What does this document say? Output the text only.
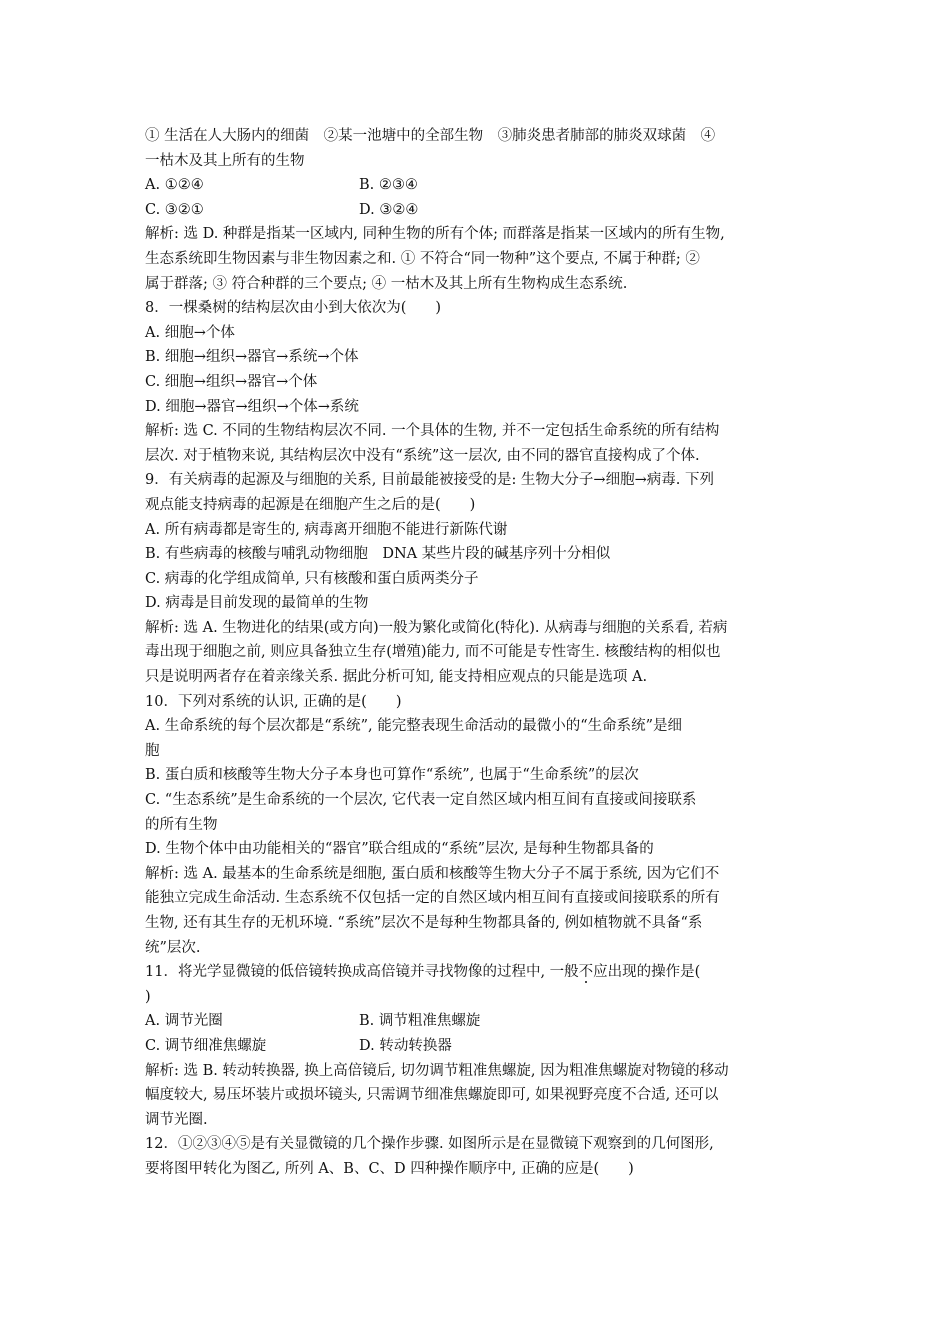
① 生活在人大肠内的细菌　②某一池塘中的全部生物　③肺炎患者肺部的肺炎双球菌　④
一枯木及其上所有的生物
A. ①②④	B. ②③④
C. ③②①	D. ③②④
解析: 选 D. 种群是指某一区域内, 同种生物的所有个体; 而群落是指某一区域内的所有生物,
生态系统即生物因素与非生物因素之和. ① 不符合“同一物种”这个要点, 不属于种群; ②
属于群落; ③ 符合种群的三个要点; ④ 一枯木及其上所有生物构成生态系统.
8．一棵桑树的结构层次由小到大依次为(　　)
A. 细胞→个体
B. 细胞→组织→器官→系统→个体
C. 细胞→组织→器官→个体
D. 细胞→器官→组织→个体→系统
解析: 选 C. 不同的生物结构层次不同. 一个具体的生物, 并不一定包括生命系统的所有结构
层次. 对于植物来说, 其结构层次中没有“系统”这一层次, 由不同的器官直接构成了个体.
9．有关病毒的起源及与细胞的关系, 目前最能被接受的是: 生物大分子→细胞→病毒. 下列
观点能支持病毒的起源是在细胞产生之后的是(　　)
A. 所有病毒都是寄生的, 病毒离开细胞不能进行新陈代谢
B. 有些病毒的核酸与哺乳动物细胞　DNA 某些片段的碱基序列十分相似
C. 病毒的化学组成简单, 只有核酸和蛋白质两类分子
D. 病毒是目前发现的最简单的生物
解析: 选 A. 生物进化的结果(或方向)一般为繁化或简化(特化). 从病毒与细胞的关系看, 若病
毒出现于细胞之前, 则应具备独立生存(增殖)能力, 而不可能是专性寄生. 核酸结构的相似也
只是说明两者存在着亲缘关系. 据此分析可知, 能支持相应观点的只能是选项 A.
10．下列对系统的认识, 正确的是(　　)
A. 生命系统的每个层次都是“系统”, 能完整表现生命活动的最微小的“生命系统”是细
胞
B. 蛋白质和核酸等生物大分子本身也可算作“系统”, 也属于“生命系统”的层次
C. “生态系统”是生命系统的一个层次, 它代表一定自然区域内相互间有直接或间接联系
的所有生物
D. 生物个体中由功能相关的“器官”联合组成的“系统”层次, 是每种生物都具备的
解析: 选 A. 最基本的生命系统是细胞, 蛋白质和核酸等生物大分子不属于系统, 因为它们不
能独立完成生命活动. 生态系统不仅包括一定的自然区域内相互间有直接或间接联系的所有
生物, 还有其生存的无机环境. “系统”层次不是每种生物都具备的, 例如植物就不具备“系
统”层次.
11．将光学显微镜的低倍镜转换成高倍镜并寻找物像的过程中, 一般不应出现的操作是(
)
A. 调节光圈	B. 调节粗准焦螺旋
C. 调节细准焦螺旋	D. 转动转换器
解析: 选 B. 转动转换器, 换上高倍镜后, 切勿调节粗准焦螺旋, 因为粗准焦螺旋对物镜的移动
幅度较大, 易压坏装片或损坏镜头, 只需调节细准焦螺旋即可, 如果视野亮度不合适, 还可以
调节光圈.
12．①②③④⑤是有关显微镜的几个操作步骤. 如图所示是在显微镜下观察到的几何图形,
要将图甲转化为图乙, 所列 A、B、C、D 四种操作顺序中, 正确的应是(　　)
